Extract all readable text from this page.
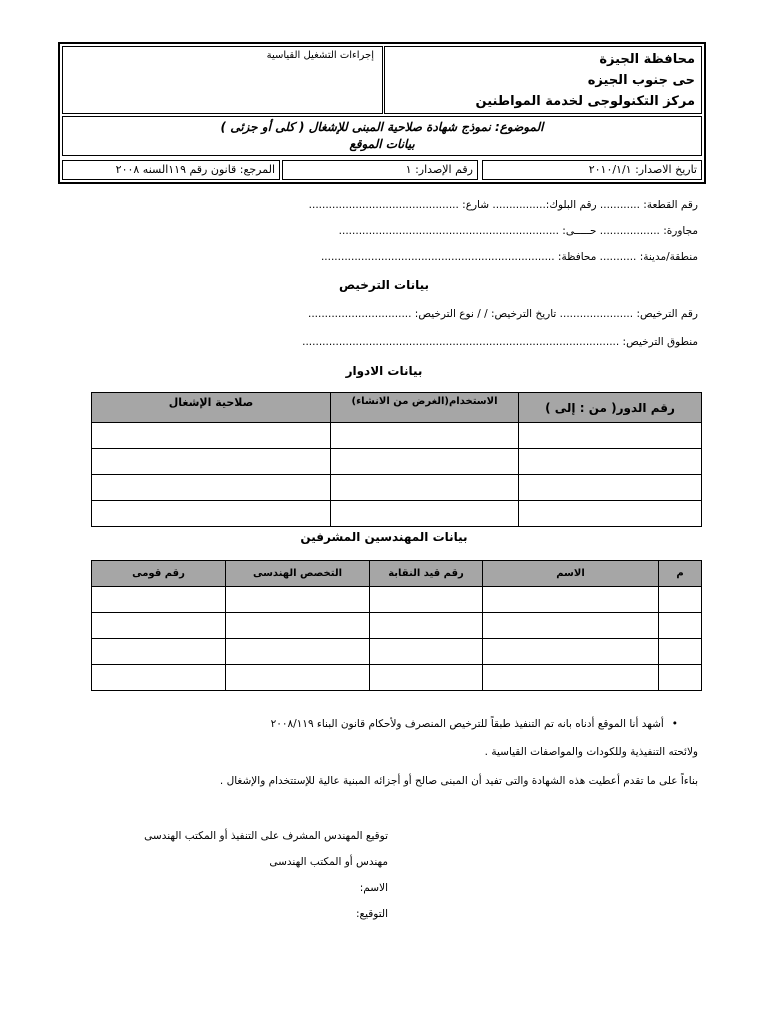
محافظة الجيزة
حى جنوب الجيزه
مركز التكنولوجى لخدمة المواطنين
إجراءات التشغيل القياسية
الموضوع: نموذج شهادة صلاحية المبنى للإشغال ( كلى أو جزئى )
بيانات الموقع
تاريخ الاصدار: ٢٠١٠/١/١
رقم الإصدار: ١
المرجع: قانون رقم ١١٩السنه ٢٠٠٨
رقم القطعة: ............ رقم البلوك:................ شارع: .............................................
مجاورة: .................. حـــــى: ..................................................................
منطقة/مدينة: ........... محافظة: ......................................................................
بيانات الترخيص
رقم الترخيص: ...................... تاريخ الترخيص: / / نوع الترخيص: ...............................
منطوق الترخيص: ...............................................................................................
بيانات الادوار
رقم الدور( من : إلى )	الاستخدام(الغرض من الانشاء)	صلاحية الإشغال

بيانات المهندسين المشرفين
م	الاسم	رقم قيد النقابة	التخصص الهندسى	رقم قومى

•أشهد أنا الموقع أدناه بانه تم التنفيذ طبقاً للترخيص المنصرف ولأحكام قانون البناء ٢٠٠٨/١١٩
ولائحته التنفيذية وللكودات والمواصفات القياسية .
بناءاً على ما تقدم أعطيت هذه الشهادة والتى تفيد أن المبنى صالح أو أجزائه المبنية عالية للإستتخدام والإشغال .
توقيع المهندس المشرف على التنفيذ أو المكتب الهندسى
مهندس أو المكتب الهندسى
الاسم:
التوقيع:
